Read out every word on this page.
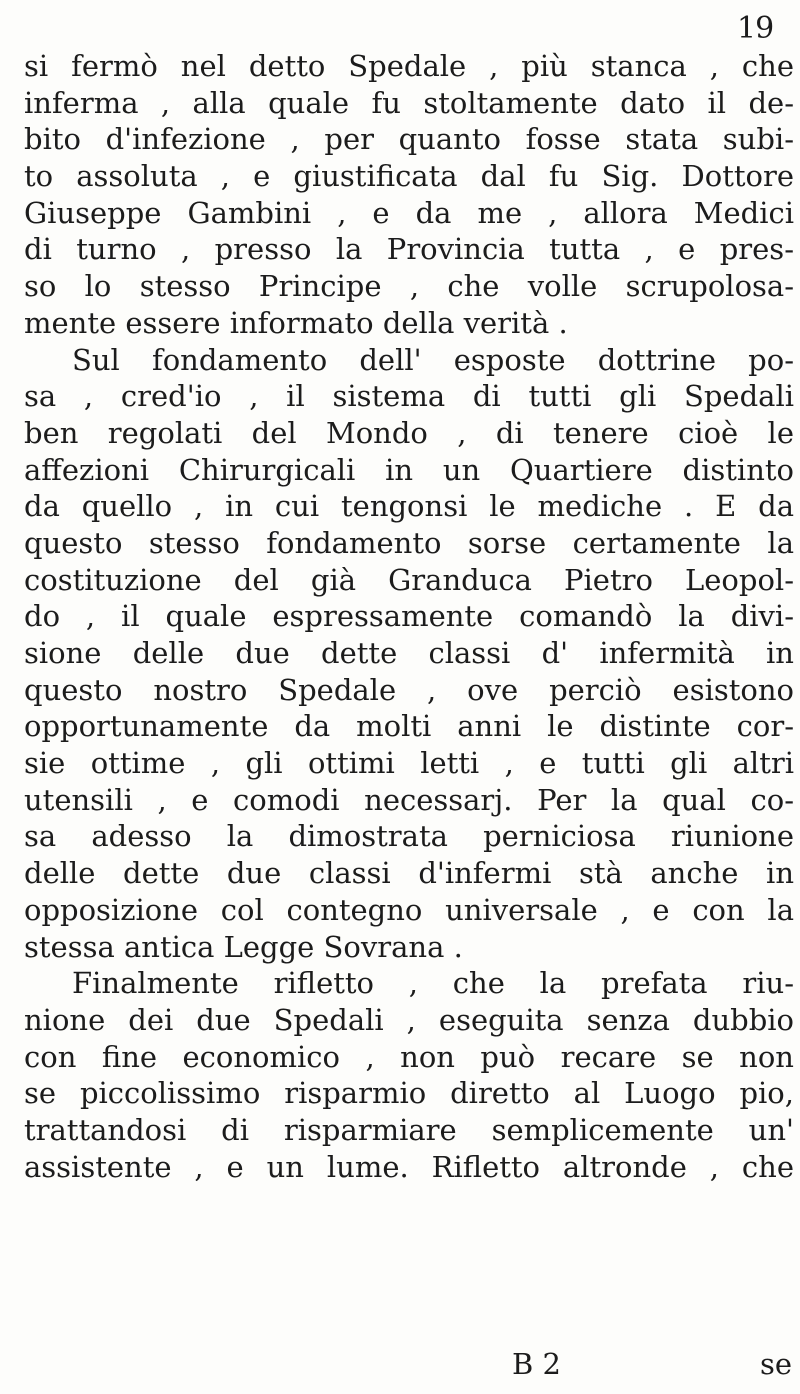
19
si fermò nel detto Spedale , più stanca , che
inferma , alla quale fu stoltamente dato il de-
bito d'infezione , per quanto fosse stata subi-
to assoluta , e giustificata dal fu Sig. Dottore
Giuseppe Gambini , e da me , allora Medici
di turno , presso la Provincia tutta , e pres-
so lo stesso Principe , che volle scrupolosa-
mente essere informato della verità .
Sul fondamento dell' esposte dottrine po-
sa , cred'io , il sistema di tutti gli Spedali
ben regolati del Mondo , di tenere cioè le
affezioni Chirurgicali in un Quartiere distinto
da quello , in cui tengonsi le mediche . E da
questo stesso fondamento sorse certamente la
costituzione del già Granduca Pietro Leopol-
do , il quale espressamente comandò la divi-
sione delle due dette classi d' infermità in
questo nostro Spedale , ove perciò esistono
opportunamente da molti anni le distinte cor-
sie ottime , gli ottimi letti , e tutti gli altri
utensili , e comodi necessarj. Per la qual co-
sa adesso la dimostrata perniciosa riunione
delle dette due classi d'infermi stà anche in
opposizione col contegno universale , e con la
stessa antica Legge Sovrana .
Finalmente rifletto , che la prefata riu-
nione dei due Spedali , eseguita senza dubbio
con fine economico , non può recare se non
se piccolissimo risparmio diretto al Luogo pio,
trattandosi di risparmiare semplicemente un'
assistente , e un lume. Rifletto altronde , che
B 2	se
